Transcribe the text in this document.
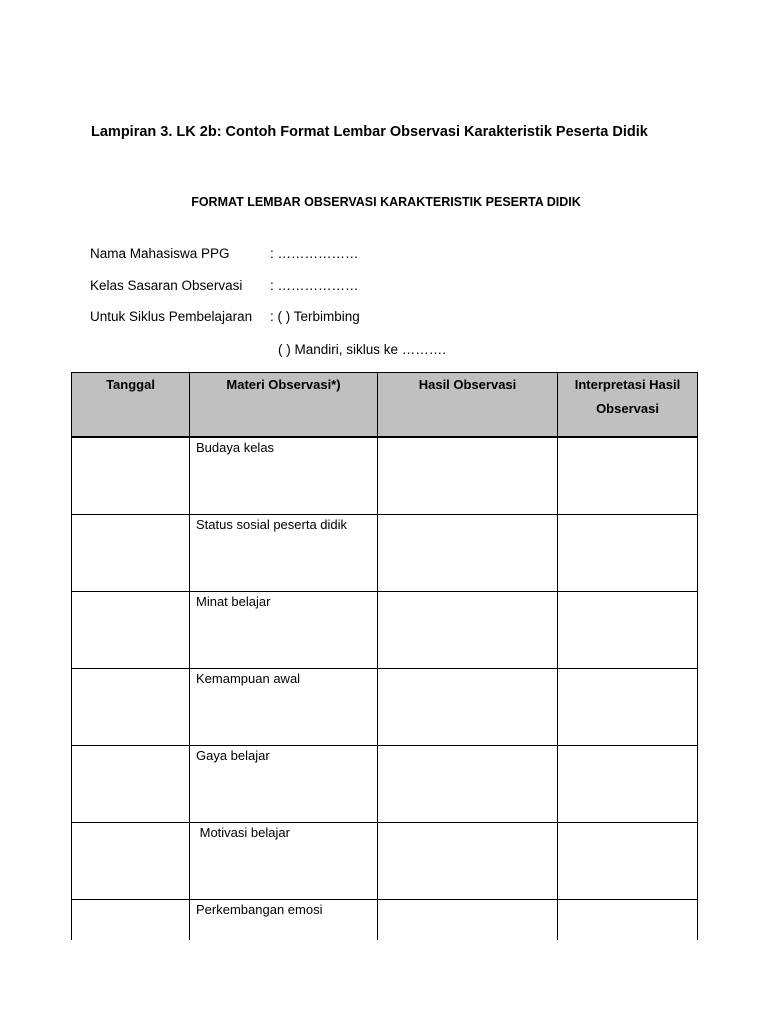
Lampiran 3. LK 2b: Contoh Format Lembar Observasi Karakteristik Peserta Didik
FORMAT LEMBAR OBSERVASI KARAKTERISTIK PESERTA DIDIK
Nama Mahasiswa PPG	: ………………
Kelas Sasaran Observasi : ………………
Untuk Siklus Pembelajaran : ( ) Terbimbing
( ) Mandiri, siklus ke ……….
Tanggal	Materi Observasi*)	Hasil Observasi	Interpretasi Hasil Observasi
	Budaya kelas		
	Status sosial peserta didik		
	Minat belajar		
	Kemampuan awal		
	Gaya belajar		
	Motivasi belajar		
	Perkembangan emosi		
